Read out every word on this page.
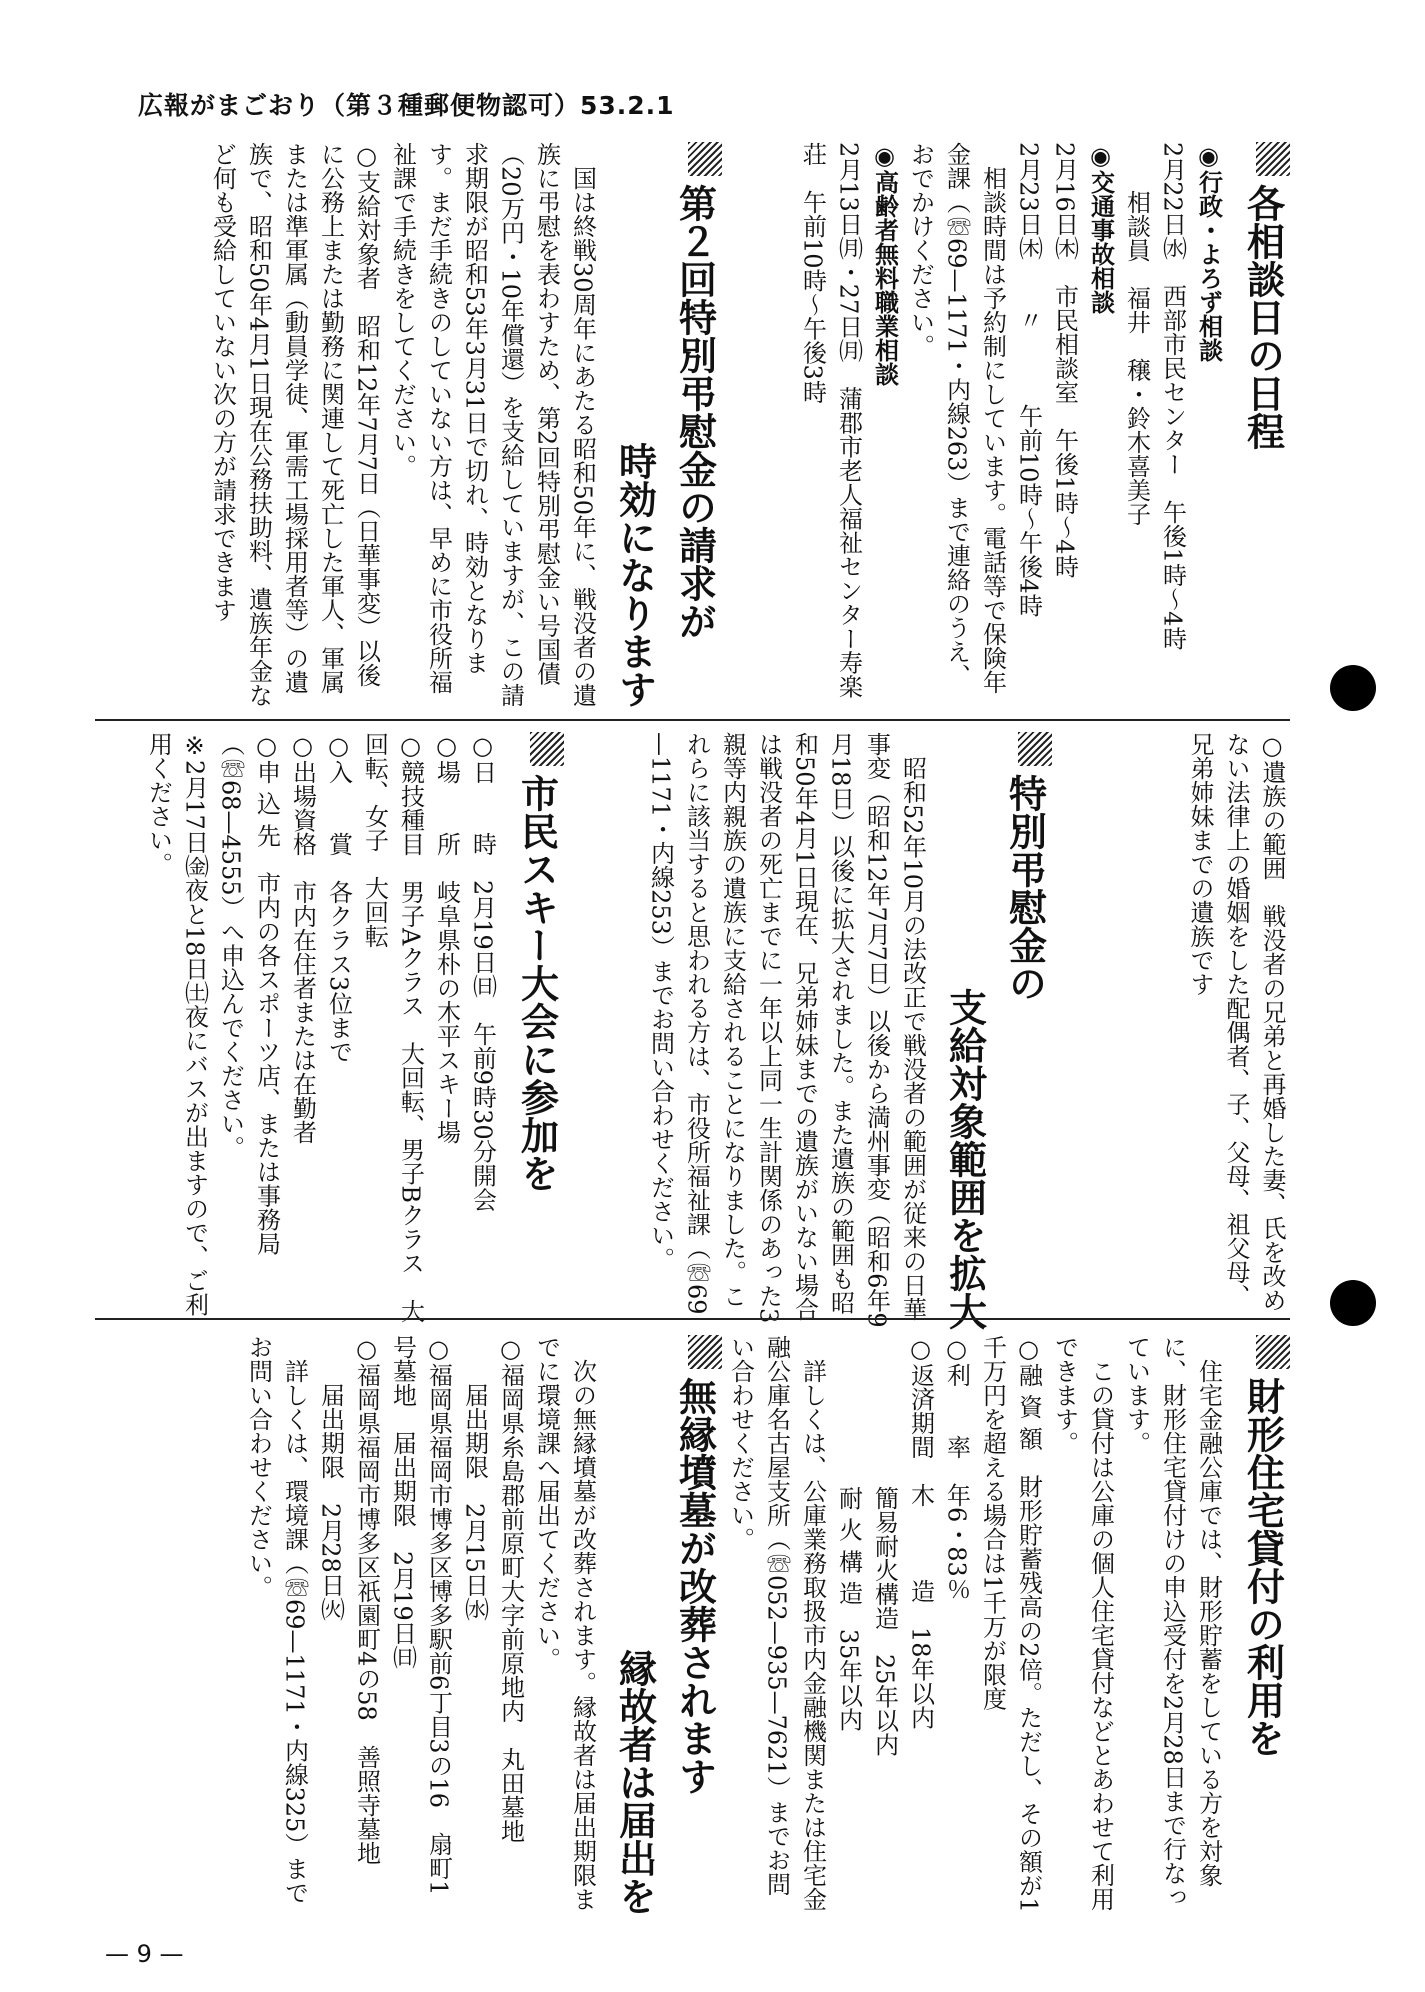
広報がまごおり（第３種郵便物認可）53.2.1
各相談日の日程
◉行政・よろず相談
2月22日㈬　西部市民センター　午後1時〜4時
相談員　福井　穣・鈴木喜美子
◉交通事故相談
2月16日㈭　市民相談室　午後1時〜4時
2月23日㈭　　〃　　　午前10時〜午後4時

相談時間は予約制にしています。電話等で保険年金課（☏69—1171・内線263）まで連絡のうえ、おでかけください。

◉高齢者無料職業相談
2月13日㈪・27日㈪　蒲郡市老人福祉センター寿楽荘　午前10時〜午後3時
第２回特別弔慰金の請求が
時効になります

国は終戦30周年にあたる昭和50年に、戦没者の遺族に弔慰を表わすため、第2回特別弔慰金い号国債（20万円・10年償還）を支給していますが、この請求期限が昭和53年3月31日で切れ、時効となります。まだ手続きのしていない方は、早めに市役所福祉課で手続きをしてください。

○支給対象者　昭和12年7月7日（日華事変）以後に公務上または勤務に関連して死亡した軍人、軍属または準軍属（動員学徒、軍需工場採用者等）の遺族で、昭和50年4月1日現在公務扶助料、遺族年金など何も受給していない次の方が請求できます
○遺族の範囲　戦没者の兄弟と再婚した妻、氏を改めない法律上の婚姻をした配偶者、子、父母、祖父母、兄弟姉妹までの遺族です
特別弔慰金の
支給対象範囲を拡大

昭和52年10月の法改正で戦没者の範囲が従来の日華事変（昭和12年7月7日）以後から満州事変（昭和6年9月18日）以後に拡大されました。また遺族の範囲も昭和50年4月1日現在、兄弟姉妹までの遺族がいない場合は戦没者の死亡までに一年以上同一生計関係のあった3親等内親族の遺族に支給されることになりました。これらに該当すると思われる方は、市役所福祉課（☏69—1171・内線253）までお問い合わせください。

市民スキー大会に参加を
○日　　時　2月19日㈰　午前9時30分開会
○場　　所　岐阜県朴の木平スキー場
○競技種目　男子Aクラス　大回転、男子Bクラス　大回転、女子　大回転
○入　　賞　各クラス3位まで
○出場資格　市内在住者または在勤者
○申 込 先　市内の各スポーツ店、または事務局（☏68—4555）へ申込んでください。
※2月17日㈮夜と18日㈯夜にバスが出ますので、ご利用ください。
財形住宅貸付の利用を

住宅金融公庫では、財形貯蓄をしている方を対象に、財形住宅貸付けの申込受付を2月28日まで行なっています。

この貸付は公庫の個人住宅貸付などとあわせて利用できます。

○融 資 額　財形貯蓄残高の2倍。ただし、その額が1千万円を超える場合は1千万が限度
○利　　率　年6・83％
○返済期間　木　　　造　18年以内
簡易耐火構造　25年以内
耐 火 構 造　35年以内

詳しくは、公庫業務取扱市内金融機関または住宅金融公庫名古屋支所（☏052—935—7621）までお問い合わせください。

無縁墳墓が改葬されます
縁故者は届出を

次の無縁墳墓が改葬されます。縁故者は届出期限までに環境課へ届出てください。

○福岡県糸島郡前原町大字前原地内　丸田墓地
届出期限　2月15日㈬
○福岡県福岡市博多区博多駅前6丁目3の16　扇町1号墓地　届出期限　2月19日㈰
○福岡県福岡市博多区祇園町4の58　善照寺墓地
届出期限　2月28日㈫

詳しくは、環境課（☏69—1171・内線325）までお問い合わせください。

— 9 —
